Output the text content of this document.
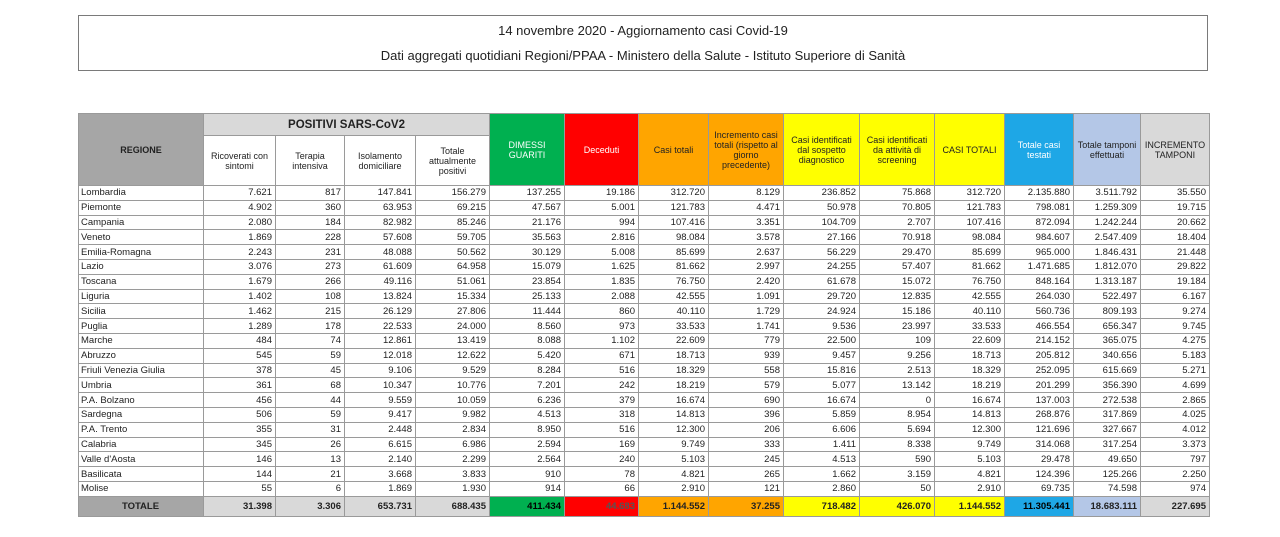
14 novembre 2020 - Aggiornamento casi Covid-19
Dati aggregati quotidiani Regioni/PPAA - Ministero della Salute - Istituto Superiore di Sanità
REGIONE	POSITIVI SARS-CoV2				DIMESSI GUARITI	Deceduti	Casi totali	Incremento casi totali (rispetto al giorno precedente)	Casi identificati dal sospetto diagnostico	Casi identificati da attività di screening	CASI TOTALI	Totale casi testati	Totale tamponi effettuati	INCREMENTO TAMPONI
	Ricoverati con sintomi	Terapia intensiva	Isolamento domiciliare	Totale attualmente positivi										
Lombardia	7.621	817	147.841	156.279	137.255	19.186	312.720	8.129	236.852	75.868	312.720	2.135.880	3.511.792	35.550
Piemonte	4.902	360	63.953	69.215	47.567	5.001	121.783	4.471	50.978	70.805	121.783	798.081	1.259.309	19.715
Campania	2.080	184	82.982	85.246	21.176	994	107.416	3.351	104.709	2.707	107.416	872.094	1.242.244	20.662
Veneto	1.869	228	57.608	59.705	35.563	2.816	98.084	3.578	27.166	70.918	98.084	984.607	2.547.409	18.404
Emilia-Romagna	2.243	231	48.088	50.562	30.129	5.008	85.699	2.637	56.229	29.470	85.699	965.000	1.846.431	21.448
Lazio	3.076	273	61.609	64.958	15.079	1.625	81.662	2.997	24.255	57.407	81.662	1.471.685	1.812.070	29.822
Toscana	1.679	266	49.116	51.061	23.854	1.835	76.750	2.420	61.678	15.072	76.750	848.164	1.313.187	19.184
Liguria	1.402	108	13.824	15.334	25.133	2.088	42.555	1.091	29.720	12.835	42.555	264.030	522.497	6.167
Sicilia	1.462	215	26.129	27.806	11.444	860	40.110	1.729	24.924	15.186	40.110	560.736	809.193	9.274
Puglia	1.289	178	22.533	24.000	8.560	973	33.533	1.741	9.536	23.997	33.533	466.554	656.347	9.745
Marche	484	74	12.861	13.419	8.088	1.102	22.609	779	22.500	109	22.609	214.152	365.075	4.275
Abruzzo	545	59	12.018	12.622	5.420	671	18.713	939	9.457	9.256	18.713	205.812	340.656	5.183
Friuli Venezia Giulia	378	45	9.106	9.529	8.284	516	18.329	558	15.816	2.513	18.329	252.095	615.669	5.271
Umbria	361	68	10.347	10.776	7.201	242	18.219	579	5.077	13.142	18.219	201.299	356.390	4.699
P.A. Bolzano	456	44	9.559	10.059	6.236	379	16.674	690	16.674	0	16.674	137.003	272.538	2.865
Sardegna	506	59	9.417	9.982	4.513	318	14.813	396	5.859	8.954	14.813	268.876	317.869	4.025
P.A. Trento	355	31	2.448	2.834	8.950	516	12.300	206	6.606	5.694	12.300	121.696	327.667	4.012
Calabria	345	26	6.615	6.986	2.594	169	9.749	333	1.411	8.338	9.749	314.068	317.254	3.373
Valle d'Aosta	146	13	2.140	2.299	2.564	240	5.103	245	4.513	590	5.103	29.478	49.650	797
Basilicata	144	21	3.668	3.833	910	78	4.821	265	1.662	3.159	4.821	124.396	125.266	2.250
Molise	55	6	1.869	1.930	914	66	2.910	121	2.860	50	2.910	69.735	74.598	974
TOTALE	31.398	3.306	653.731	688.435	411.434	44.683	1.144.552	37.255	718.482	426.070	1.144.552	11.305.441	18.683.111	227.695
